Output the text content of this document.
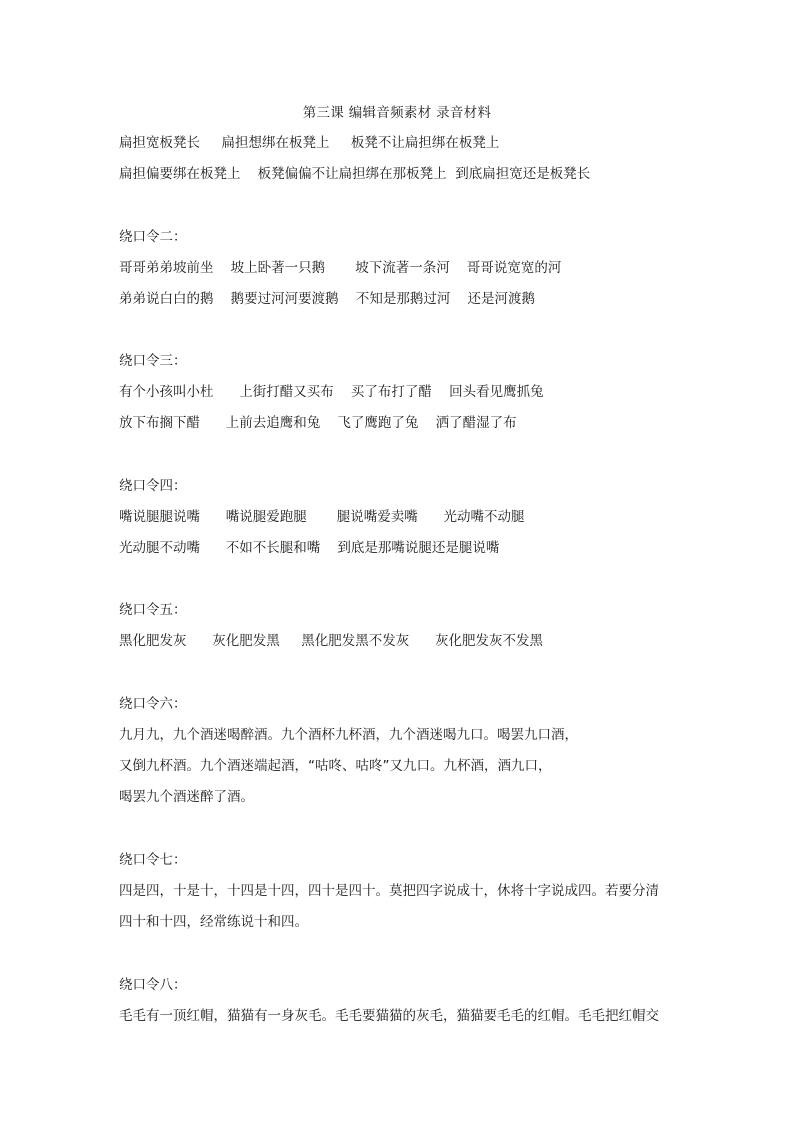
第三课 编辑音频素材 录音材料
扁担宽板凳长     扁担想绑在板凳上     板凳不让扁担绑在板凳上
扁担偏要绑在板凳上    板凳偏偏不让扁担绑在那板凳上  到底扁担宽还是板凳长
绕口令二：
哥哥弟弟坡前坐    坡上卧著一只鹅       坡下流著一条河    哥哥说宽宽的河
弟弟说白白的鹅    鹅要过河河要渡鹅    不知是那鹅过河    还是河渡鹅
绕口令三：
有个小孩叫小杜      上街打醋又买布    买了布打了醋    回头看见鹰抓兔
放下布搁下醋      上前去追鹰和兔    飞了鹰跑了兔    洒了醋湿了布
绕口令四：
嘴说腿腿说嘴      嘴说腿爱跑腿       腿说嘴爱卖嘴      光动嘴不动腿
光动腿不动嘴      不如不长腿和嘴    到底是那嘴说腿还是腿说嘴
绕口令五：
黑化肥发灰      灰化肥发黑     黑化肥发黑不发灰      灰化肥发灰不发黑
绕口令六：
九月九，九个酒迷喝醉酒。九个酒杯九杯酒，九个酒迷喝九口。喝罢九口酒，
又倒九杯酒。九个酒迷端起酒，“咕咚、咕咚”又九口。九杯酒，酒九口，
喝罢九个酒迷醉了酒。
绕口令七：
四是四，十是十，十四是十四，四十是四十。莫把四字说成十，休将十字说成四。若要分清
四十和十四，经常练说十和四。
绕口令八：
毛毛有一顶红帽，猫猫有一身灰毛。毛毛要猫猫的灰毛，猫猫要毛毛的红帽。毛毛把红帽交
